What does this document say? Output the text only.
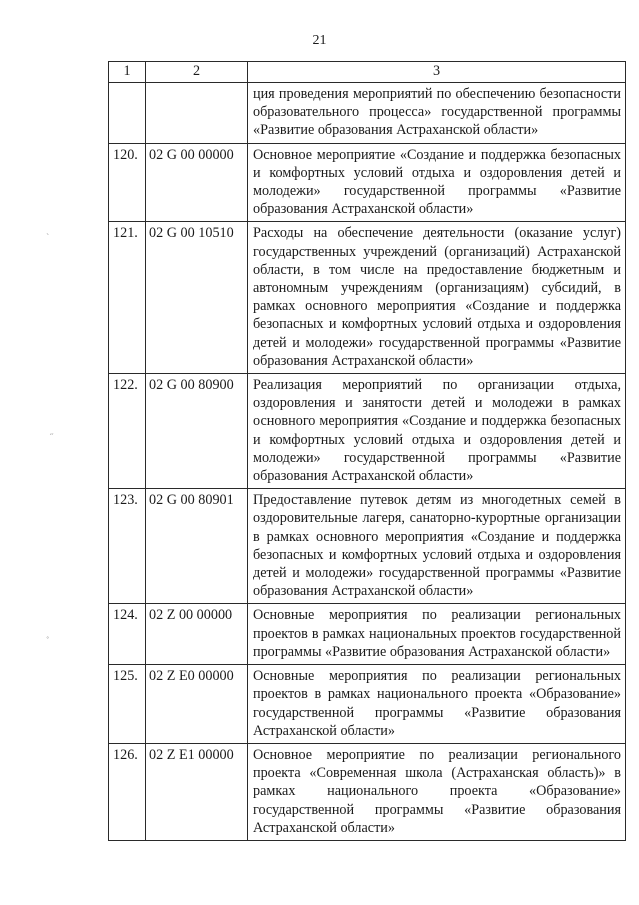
21
˴
˶
˳
1	2	3
		ция проведения мероприятий по обеспечению безопасности образовательного процесса» государственной программы «Развитие образования Астраханской области»
120.	02 G 00 00000	Основное мероприятие «Создание и поддержка безопасных и комфортных условий отдыха и оздоровления детей и молодежи» государственной программы «Развитие образования Астраханской области»
121.	02 G 00 10510	Расходы на обеспечение деятельности (оказание услуг) государственных учреждений (организаций) Астраханской области, в том числе на предоставление бюджетным и автономным учреждениям (организациям) субсидий, в рамках основного мероприятия «Создание и поддержка безопасных и комфортных условий отдыха и оздоровления детей и молодежи» государственной программы «Развитие образования Астраханской области»
122.	02 G 00 80900	Реализация мероприятий по организации отдыха, оздоровления и занятости детей и молодежи в рамках основного мероприятия «Создание и поддержка безопасных и комфортных условий отдыха и оздоровления детей и молодежи» государственной программы «Развитие образования Астраханской области»
123.	02 G 00 80901	Предоставление путевок детям из многодетных семей в оздоровительные лагеря, санаторно-курортные организации в рамках основного мероприятия «Создание и поддержка безопасных и комфортных условий отдыха и оздоровления детей и молодежи» государственной программы «Развитие образования Астраханской области»
124.	02 Z 00 00000	Основные мероприятия по реализации региональных проектов в рамках национальных проектов государственной программы «Развитие образования Астраханской области»
125.	02 Z E0 00000	Основные мероприятия по реализации региональных проектов в рамках национального проекта «Образование» государственной программы «Развитие образования Астраханской области»
126.	02 Z E1 00000	Основное мероприятие по реализации регионального проекта «Современная школа (Астраханская область)» в рамках национального проекта «Образование» государственной программы «Развитие образования Астраханской области»
